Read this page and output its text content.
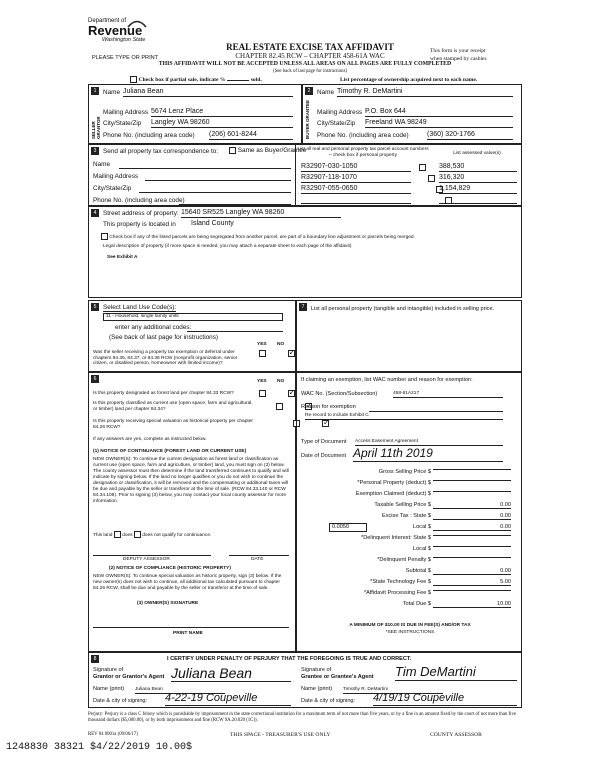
Department of
Revenue
Washington State
PLEASE TYPE OR PRINT
REAL ESTATE EXCISE TAX AFFIDAVIT
CHAPTER 82.45 RCW – CHAPTER 458-61A WAC
THIS AFFIDAVIT WILL NOT BE ACCEPTED UNLESS ALL AREAS ON ALL PAGES ARE FULLY COMPLETED
(See back of last page for instructions)
This form is your receipt
when stamped by cashier.
Check box if partial sale, indicate %	sold.	List percentage of ownership acquired next to each name.
1
SELLER GRANTOR
Name Juliana Bean
Mailing Address 5674 Lenz Place
City/State/Zip Langley WA 98260
Phone No. (including area code) (206) 601-8244
2
BUYER GRANTEE
Name Timothy R. DeMartini
Mailing Address P.O. Box 644
City/State/Zip Freeland WA 98249
Phone No. (including area code)	(360) 320-1766
3	Send all property tax correspondence to:	Same as Buyer/Grantee
Name
Mailing Address
City/State/Zip
Phone No. (including area code)
List all real and personal property tax parcel account numbers – check box if personal property	List assessed value(s)
R32907-030-1050
	388,530
R32907-118-1070
	316,320
R32907-055-0650
	1,154,829
4	Street address of property: 15640 SR525 Langley WA 98260
This property is located in Island County
Check box if any of the listed parcels are being segregated from another parcel, are part of a boundary line adjustment or parcels being merged.
Legal description of property (if more space is needed, you may attach a separate sheet to each page of the affidavit)
See Exhibit A
5	Select Land Use Code(s):
11 - Household, single family units
enter any additional codes:
(See back of last page for instructions)
YES NO
Was the seller receiving a property tax exemption or deferral under chapters 84.36, 84.37, or 84.38 RCW (nonprofit organization, senior citizen, or disabled person, homeowner with limited income)?
✓
7	List all personal property (tangible and intangible) included in selling price.
6	YES NO
Is this property designated as forest land per chapter 84.33 RCW?
✓
Is this property classified as current use (open space, farm and agricultural, or timber) land per chapter 84.34?
✓
Is this property receiving special valuation as historical property per chapter 84.26 RCW?
✓
If any answers are yes, complete as instructed below.
(1) NOTICE OF CONTINUANCE (FOREST LAND OR CURRENT USE)
NEW OWNER(S): To continue the current designation as forest land or classification as current use (open space, farm and agriculture, or timber) land, you must sign on (3) below. The county assessor must then determine if the land transferred continues to qualify and will indicate by signing below. If the land no longer qualifies or you do not wish to continue the designation or classification, it will be removed and the compensating or additional taxes will be due and payable by the seller or transferor at the time of sale. (RCW 84.33.140 or RCW 84.34.108). Prior to signing (3) below, you may contact your local county assessor for more information.
This land does does not qualify for continuance.
DEPUTY ASSESSOR	DATE
(2) NOTICE OF COMPLIANCE (HISTORIC PROPERTY)
NEW OWNER(S): To continue special valuation as historic property, sign (3) below. If the new owner(s) does not wish to continue, all additional tax calculated pursuant to chapter 84.26 RCW, shall be due and payable by the seller or transferor at the time of sale.
(3) OWNER(S) SIGNATURE
PRINT NAME
If claiming an exemption, list WAC number and reason for exemption:
WAC No. (Section/Subsection)	458-61A217
Reason for exemption
Re-record to include Exhibit C
Type of Document Access Easement Agreement
Date of Document April 11th 2019
Gross Selling Price $
*Personal Property (deduct) $
Exemption Claimed (deduct) $
Taxable Selling Price $	0.00
Excise Tax : State $	0.00
0.0050	Local $	0.00
*Delinquent Interest: State $
Local $
*Delinquent Penalty $
Subtotal $	0.00
*State Technology Fee $	5.00
*Affidavit Processing Fee $
Total Due $	10.00
A MINIMUM OF $10.00 IS DUE IN FEE(S) AND/OR TAX
*SEE INSTRUCTIONS
8	I CERTIFY UNDER PENALTY OF PERJURY THAT THE FOREGOING IS TRUE AND CORRECT.
Signature of
Grantor or Grantor's Agent Juliana Bean
Name (print) Juliana Bean
Date & city of signing: 4-22-19 Coupeville
Signature of
Grantee or Grantee's Agent Tim DeMartini
Name (print) Timothy R. DeMartini
Date & city of signing: 4/19/19 Coupeville
Perjury: Perjury is a class C felony which is punishable by imprisonment in the state correctional institution for a maximum term of not more than five years, or by a fine in an amount fixed by the court of not more than five thousand dollars ($5,000.00), or by both imprisonment and fine (RCW 9A.20.020 (1C)).
1248830 38321 $4/22/2019 10.00$
REV 84 0001a (09/06/17)	THIS SPACE - TREASURER'S USE ONLY	COUNTY ASSESSOR
